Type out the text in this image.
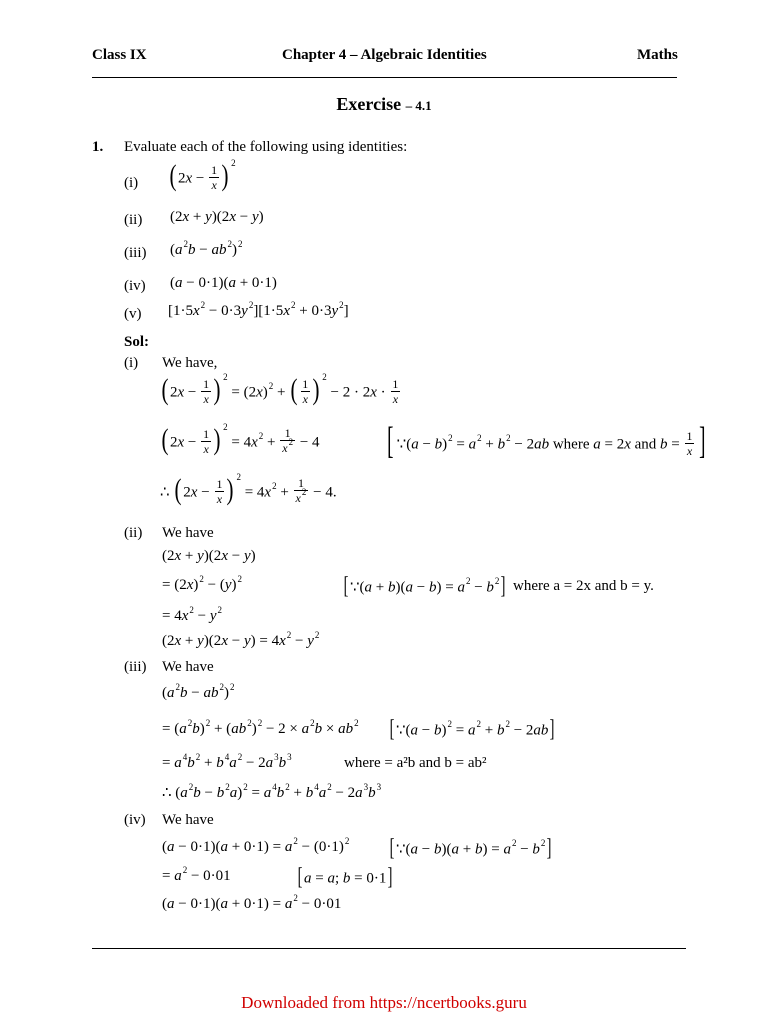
Class IX	Chapter 4 – Algebraic Identities	Maths
Exercise – 4.1
1. Evaluate each of the following using identities:
(i) ( $2x - \frac{1}{x}$ ) $^2$
(ii) (2x + y)(2x − y)
(iii) $(a^2b - ab^2)^2$
(iv) (a − 0·1)(a + 0·1)
(v) $[1\cdot 5x^2 - 0\cdot 3y^2][1\cdot 5x^2 + 0\cdot 3y^2]$
Sol:
(i) We have,
( $2x - \frac{1}{x}$ ) $^2 = (2x)^2$ + ( $\frac{1}{x}$ ) $^2 - 2 \cdot 2x \cdot \frac{1}{x}$
( $2x - \frac{1}{x}$ ) $^2 = 4x^2 + \frac{1}{x^2} - 4$ [ ∵(a − $b)^2 = a^2 + b^2 - 2ab$ where a = 2x and $b = \frac{1}{x}$ ]
∴ ( $2x - \frac{1}{x}$ ) $^2 = 4x^2 + \frac{1}{x^2} - 4$.
(ii) We have
(2x + y)(2x − y)
= $(2x)^2 - (y)^2$	[ ∵(a + $b)(a - b) = a^2 - b^2$] where a = 2x and b = y.
= $4x^2 - y^2$
$(2x + y)(2x - y) = 4x^2 - y^2$
(iii) We have
$(a^2b - ab^2)^2$
= $(a^2b)^2 + (ab^2)^2 - 2 \times a^2b \times ab^2$ [ ∵(a − $b)^2 = a^2 + b^2 - 2ab$]
= $a^4b^2 + b^4a^2 - 2a^3b^3$	where = a²b and b = ab²
∴ $(a^2b - b^2a)^2 = a^4b^2 + b^4a^2 - 2a^3b^3$
(iv) We have
$(a - 0\cdot 1)(a + 0\cdot 1) = a^2 - (0\cdot 1)^2$ [ ∵(a − $b)(a + b) = a^2 - b^2$]
= $a^2 - 0\cdot 01$	[ a = a; b = 0·1]
$(a - 0\cdot 1)(a + 0\cdot 1) = a^2 - 0\cdot 01$
Downloaded from https://ncertbooks.guru
